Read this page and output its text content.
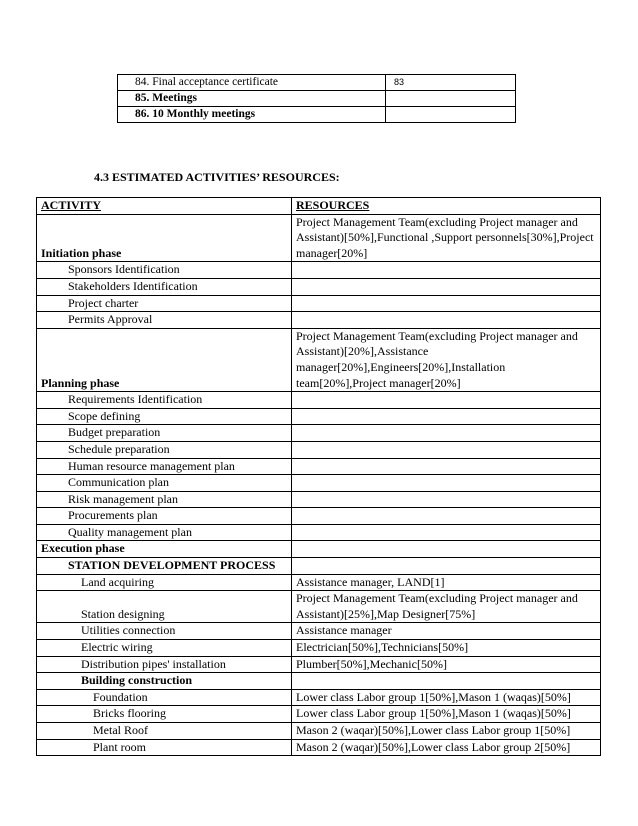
84. Final acceptance certificate	83
85. Meetings	
86. 10 Monthly meetings	
4.3 ESTIMATED ACTIVITIES’ RESOURCES:
ACTIVITY	RESOURCES
Initiation phase	Project Management Team(excluding Project manager and Assistant)[50%],Functional ,Support personnels[30%],Project manager[20%]
Sponsors Identification	
Stakeholders Identification	
Project charter	
Permits Approval	
Planning phase	Project Management Team(excluding Project manager and Assistant)[20%],Assistance manager[20%],Engineers[20%],Installation team[20%],Project manager[20%]
Requirements Identification	
Scope defining	
Budget preparation	
Schedule preparation	
Human resource management plan	
Communication plan	
Risk management plan	
Procurements plan	
Quality management plan	
Execution phase	
STATION DEVELOPMENT PROCESS	
Land acquiring	Assistance manager, LAND[1]
Station designing	Project Management Team(excluding Project manager and Assistant)[25%],Map Designer[75%]
Utilities connection	Assistance manager
Electric wiring	Electrician[50%],Technicians[50%]
Distribution pipes' installation	Plumber[50%],Mechanic[50%]
Building construction	
Foundation	Lower class Labor group 1[50%],Mason 1 (waqas)[50%]
Bricks flooring	Lower class Labor group 1[50%],Mason 1 (waqas)[50%]
Metal Roof	Mason 2 (waqar)[50%],Lower class Labor group 1[50%]
Plant room	Mason 2 (waqar)[50%],Lower class Labor group 2[50%]
